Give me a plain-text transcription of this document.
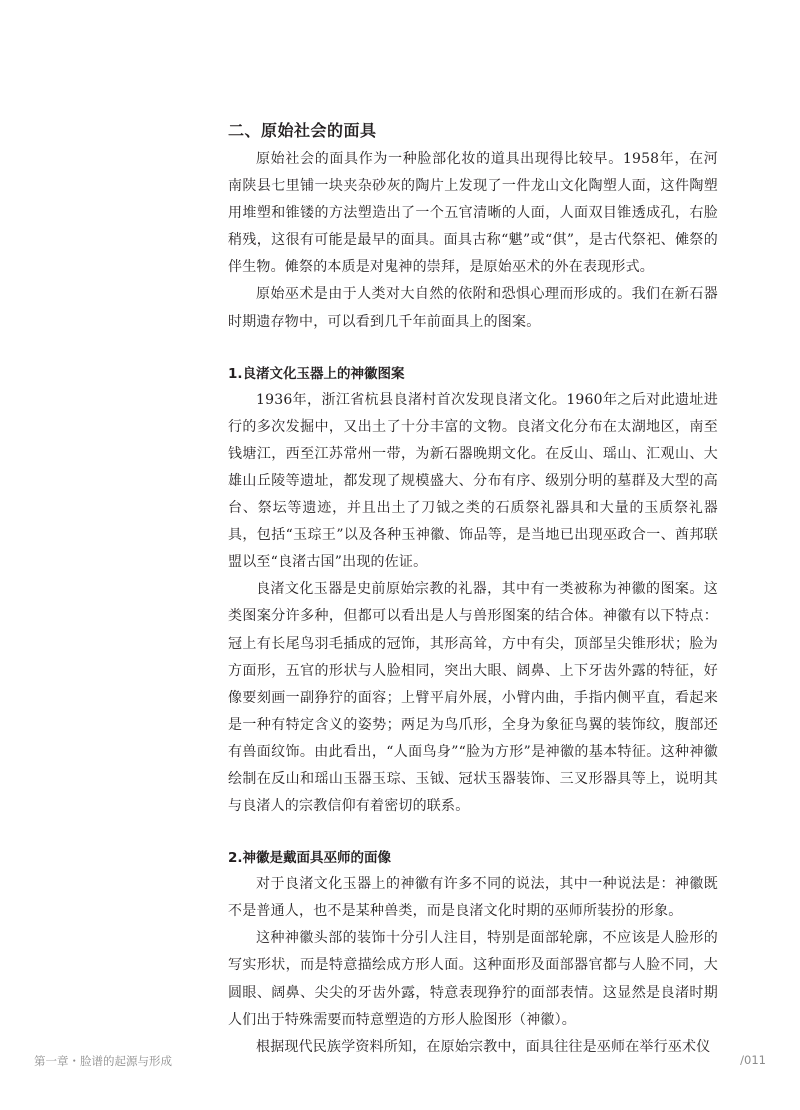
二、原始社会的面具

原始社会的面具作为一种脸部化妆的道具出现得比较早。1958年，在河南陕县七里铺一块夹杂砂灰的陶片上发现了一件龙山文化陶塑人面，这件陶塑用堆塑和锥镂的方法塑造出了一个五官清晰的人面，人面双目锥透成孔，右脸稍残，这很有可能是最早的面具。面具古称“魌”或“倛”，是古代祭祀、傩祭的伴生物。傩祭的本质是对鬼神的崇拜，是原始巫术的外在表现形式。

原始巫术是由于人类对大自然的依附和恐惧心理而形成的。我们在新石器时期遗存物中，可以看到几千年前面具上的图案。

1.良渚文化玉器上的神徽图案

1936年，浙江省杭县良渚村首次发现良渚文化。1960年之后对此遗址进行的多次发掘中，又出土了十分丰富的文物。良渚文化分布在太湖地区，南至钱塘江，西至江苏常州一带，为新石器晚期文化。在反山、瑶山、汇观山、大雄山丘陵等遗址，都发现了规模盛大、分布有序、级别分明的墓群及大型的高台、祭坛等遗迹，并且出土了刀钺之类的石质祭礼器具和大量的玉质祭礼器具，包括“玉琮王”以及各种玉神徽、饰品等，是当地已出现巫政合一、酋邦联盟以至“良渚古国”出现的佐证。

良渚文化玉器是史前原始宗教的礼器，其中有一类被称为神徽的图案。这类图案分许多种，但都可以看出是人与兽形图案的结合体。神徽有以下特点：冠上有长尾鸟羽毛插成的冠饰，其形高耸，方中有尖，顶部呈尖锥形状；脸为方面形，五官的形状与人脸相同，突出大眼、阔鼻、上下牙齿外露的特征，好像要刻画一副狰狞的面容；上臂平肩外展，小臂内曲，手指内侧平直，看起来是一种有特定含义的姿势；两足为鸟爪形，全身为象征鸟翼的装饰纹，腹部还有兽面纹饰。由此看出，“人面鸟身”“脸为方形”是神徽的基本特征。这种神徽绘制在反山和瑶山玉器玉琮、玉钺、冠状玉器装饰、三叉形器具等上，说明其与良渚人的宗教信仰有着密切的联系。

2.神徽是戴面具巫师的面像

对于良渚文化玉器上的神徽有许多不同的说法，其中一种说法是：神徽既不是普通人，也不是某种兽类，而是良渚文化时期的巫师所装扮的形象。

这种神徽头部的装饰十分引人注目，特别是面部轮廓，不应该是人脸形的写实形状，而是特意描绘成方形人面。这种面形及面部器官都与人脸不同，大圆眼、阔鼻、尖尖的牙齿外露，特意表现狰狞的面部表情。这显然是良渚时期人们出于特殊需要而特意塑造的方形人脸图形（神徽）。

根据现代民族学资料所知，在原始宗教中，面具往往是巫师在举行巫术仪

第一章・脸谱的起源与形成	/011
